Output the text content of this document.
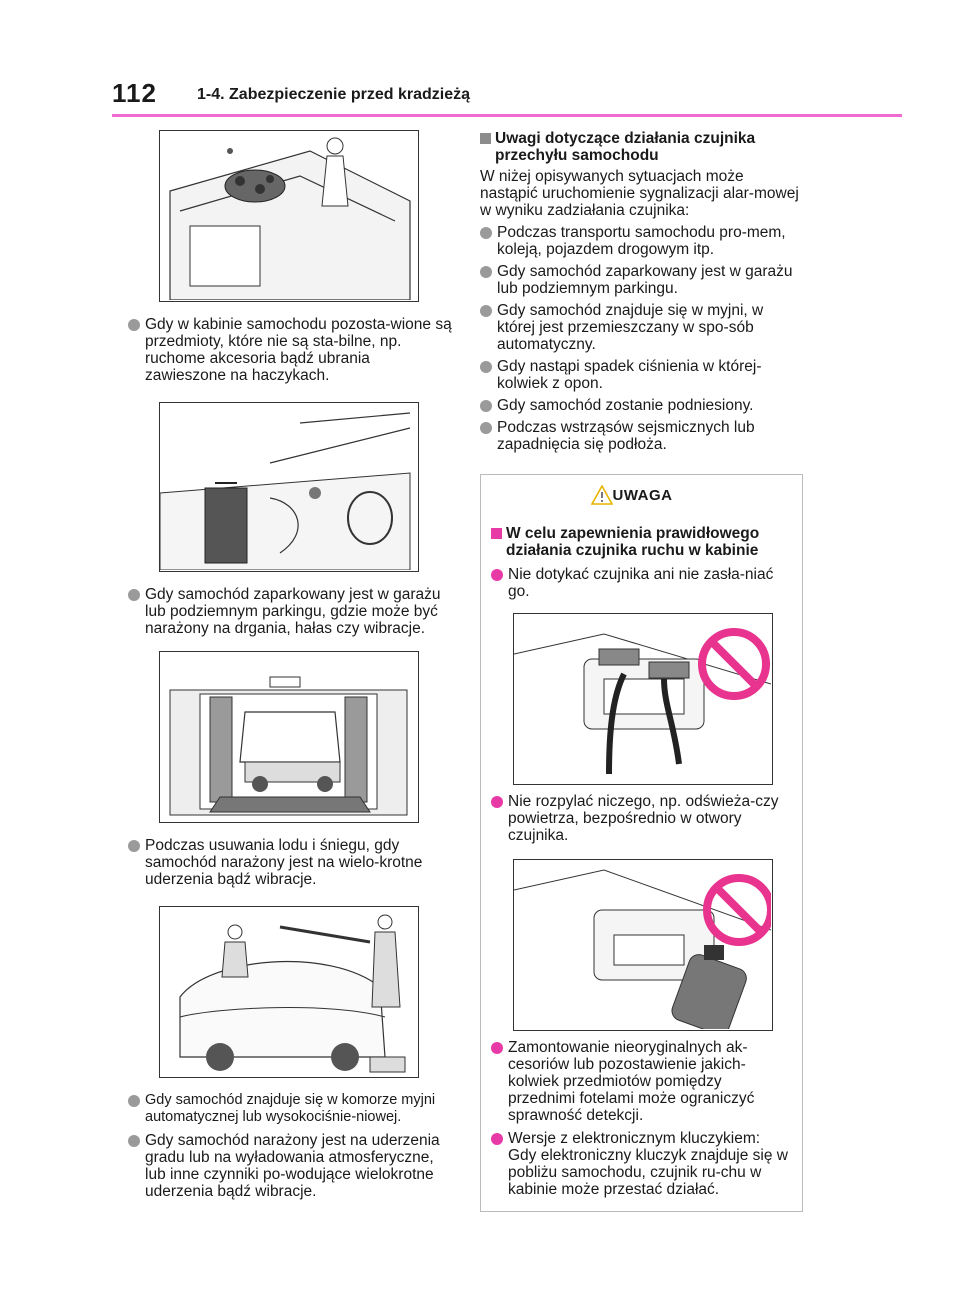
112	1-4. Zabezpieczenie przed kradzieżą

Gdy w kabinie samochodu pozosta-wione są przedmioty, które nie są sta-bilne, np. ruchome akcesoria bądź ubrania zawieszone na haczykach.

Gdy samochód zaparkowany jest w garażu lub podziemnym parkingu, gdzie może być narażony na drgania, hałas czy wibracje.

Podczas usuwania lodu i śniegu, gdy samochód narażony jest na wielo-krotne uderzenia bądź wibracje.

Gdy samochód znajduje się w komorze myjni automatycznej lub wysokociśnie-niowej.

Gdy samochód narażony jest na uderzenia gradu lub na wyładowania atmosferyczne, lub inne czynniki po-wodujące wielokrotne uderzenia bądź wibracje.

Uwagi dotyczące działania czujnika przechyłu samochodu

W niżej opisywanych sytuacjach może nastąpić uruchomienie sygnalizacji alar-mowej w wyniku zadziałania czujnika:

Podczas transportu samochodu pro-mem, koleją, pojazdem drogowym itp.

Gdy samochód zaparkowany jest w garażu lub podziemnym parkingu.

Gdy samochód znajduje się w myjni, w której jest przemieszczany w spo-sób automatyczny.

Gdy nastąpi spadek ciśnienia w której-kolwiek z opon.

Gdy samochód zostanie podniesiony.

Podczas wstrząsów sejsmicznych lub zapadnięcia się podłoża.

UWAGA
W celu zapewnienia prawidłowego działania czujnika ruchu w kabinie

Nie dotykać czujnika ani nie zasła-niać go.

Nie rozpylać niczego, np. odświeża-czy powietrza, bezpośrednio w otwory czujnika.

Zamontowanie nieoryginalnych ak-cesoriów lub pozostawienie jakich-kolwiek przedmiotów pomiędzy przednimi fotelami może ograniczyć sprawność detekcji.

Wersje z elektronicznym kluczykiem: Gdy elektroniczny kluczyk znajduje się w pobliżu samochodu, czujnik ru-chu w kabinie może przestać działać.
